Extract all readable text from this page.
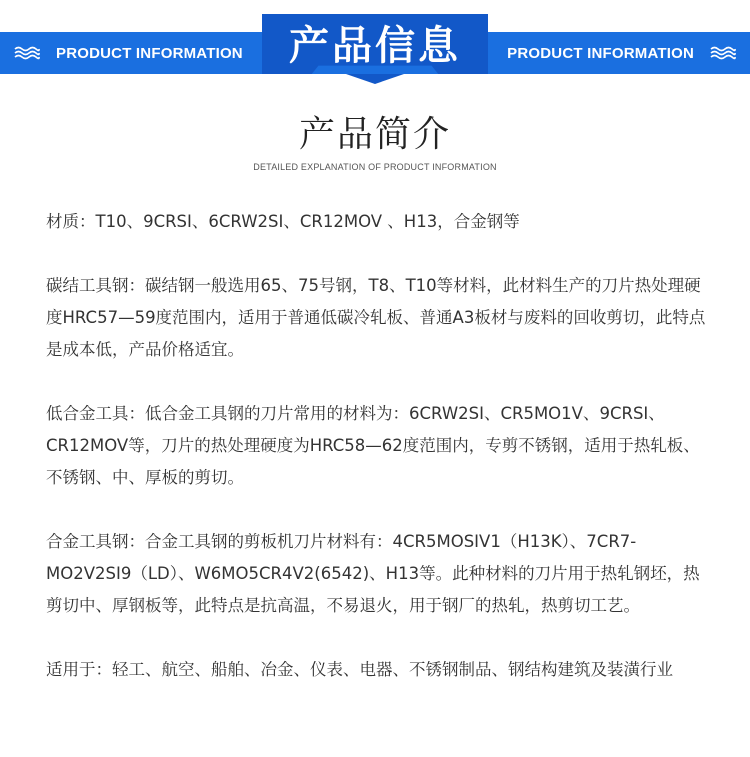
PRODUCT INFORMATION	PRODUCT INFORMATION
产品信息
产品简介
DETAILED EXPLANATION OF PRODUCT INFORMATION

材质：T10、9CRSI、6CRW2SI、CR12MOV 、H13，合金钢等

碳结工具钢：碳结钢一般选用65、75号钢，T8、T10等材料，此材料生产的刀片热处理硬度HRC57—59度范围内，适用于普通低碳冷轧板、普通A3板材与废料的回收剪切，此特点是成本低，产品价格适宜。

低合金工具：低合金工具钢的刀片常用的材料为：6CRW2SI、CR5MO1V、9CRSI、CR12MOV等，刀片的热处理硬度为HRC58—62度范围内，专剪不锈钢，适用于热轧板、不锈钢、中、厚板的剪切。

合金工具钢：合金工具钢的剪板机刀片材料有：4CR5MOSIV1（H13K）、7CR7-MO2V2SI9（LD）、W6MO5CR4V2(6542)、H13等。此种材料的刀片用于热轧钢坯，热剪切中、厚钢板等，此特点是抗高温，不易退火，用于钢厂的热轧，热剪切工艺。

适用于：轻工、航空、船舶、冶金、仪表、电器、不锈钢制品、钢结构建筑及装潢行业
